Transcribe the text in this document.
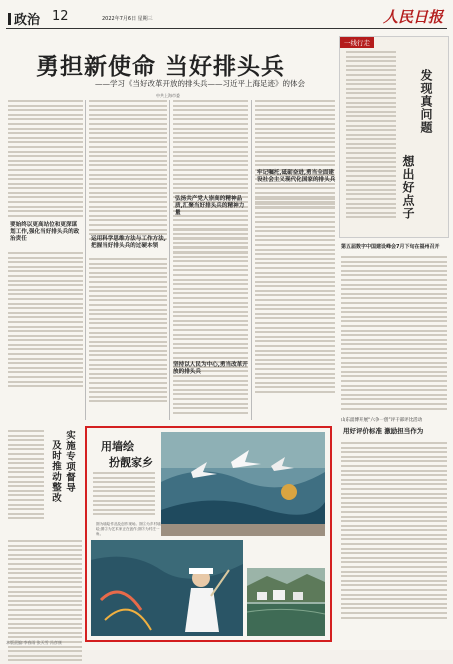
政治 12	2022年7月6日 星期三	人民日报
勇担新使命 当好排头兵
——学习《当好改革开放的排头兵——习近平上海足迹》的体会
中共上海市委
一线行走
发现真问题
想出好点子
要始终以更高站位和更深谋划工作,强化当好排头兵的政治责任	运用科学思维方法与工作方法,把握当好排头兵的过硬本领
弘扬共产党人崇高的精神品质,汇聚当好排头兵的精神力量
牢记嘱托,砥砺奋进,勇当全面建设社会主义现代化国家的排头兵
坚持以人民为中心,勇当改革开放的排头兵
第五届数字中国建设峰会7月下旬在福州召开
山东淄博开展“六争一创”评干部评比活动
用好评价标准 激励担当作为
实施专项督导
及时推动整改	用墙绘
扮靓家乡
图为墙绘作品及创作现场。图①为乡村墙绘;图②为艺术家正在创作;图③为村庄一角。
本版责编:李春雨 张天雪 冯彦康
